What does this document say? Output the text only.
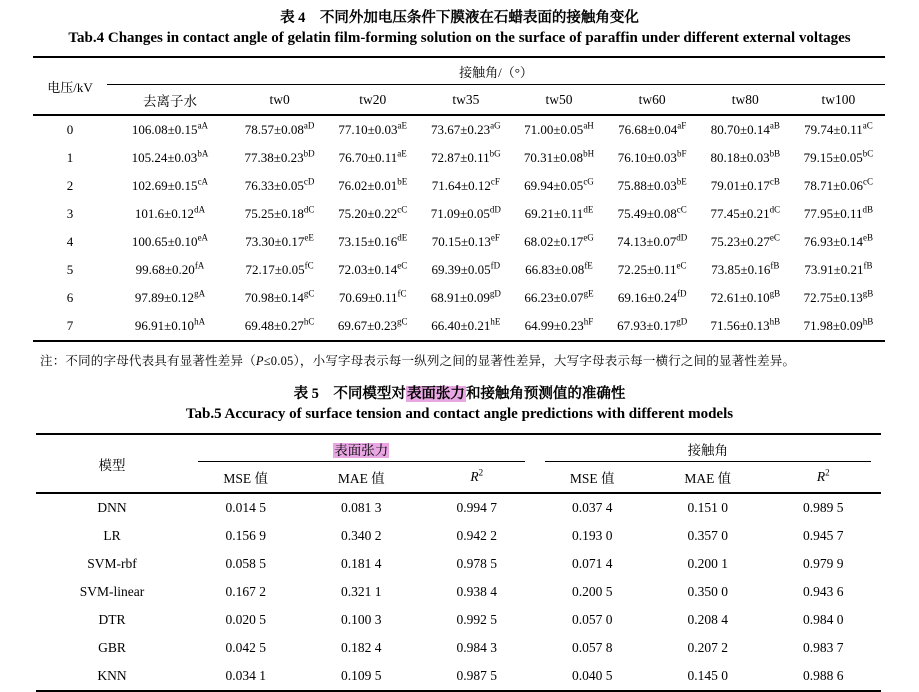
表 4　不同外加电压条件下膜液在石蜡表面的接触角变化
Tab.4 Changes in contact angle of gelatin film-forming solution on the surface of paraffin under different external voltages
电压/kV	接触角/（°）							
	去离子水	tw0	tw20	tw35	tw50	tw60	tw80	tw100
0	$106.08\pm 0.15^{aA}$	$78.57\pm 0.08^{aD}$	$77.10\pm 0.03^{aE}$	$73.67\pm 0.23^{aG}$	$71.00\pm 0.05^{aH}$	$76.68\pm 0.04^{aF}$	$80.70\pm 0.14^{aB}$	$79.74\pm 0.11^{aC}$
1	$105.24\pm 0.03^{bA}$	$77.38\pm 0.23^{bD}$	$76.70\pm 0.11^{aE}$	$72.87\pm 0.11^{bG}$	$70.31\pm 0.08^{bH}$	$76.10\pm 0.03^{bF}$	$80.18\pm 0.03^{bB}$	$79.15\pm 0.05^{bC}$
2	$102.69\pm 0.15^{cA}$	$76.33\pm 0.05^{cD}$	$76.02\pm 0.01^{bE}$	$71.64\pm 0.12^{cF}$	$69.94\pm 0.05^{cG}$	$75.88\pm 0.03^{bE}$	$79.01\pm 0.17^{cB}$	$78.71\pm 0.06^{cC}$
3	$101.6\pm 0.12^{dA}$	$75.25\pm 0.18^{dC}$	$75.20\pm 0.22^{cC}$	$71.09\pm 0.05^{dD}$	69.21±0.11dE	$75.49\pm 0.08^{cC}$	$77.45\pm 0.21^{dC}$	$77.95\pm 0.11^{dB}$
4	$100.65\pm 0.10^{eA}$	$73.30\pm 0.17^{eE}$	73.15±0.16dE	$70.15\pm 0.13^{eF}$	$68.02\pm 0.17^{eG}$	$74.13\pm 0.07^{dD}$	$75.23\pm 0.27^{eC}$	$76.93\pm 0.14^{eB}$
5	$99.68\pm 0.20^{fA}$	$72.17\pm 0.05^{fC}$	$72.03\pm 0.14^{eC}$	$69.39\pm 0.05^{fD}$	$66.83\pm 0.08^{fE}$	$72.25\pm 0.11^{eC}$	$73.85\pm 0.16^{fB}$	$73.91\pm 0.21^{fB}$
6	$97.89\pm 0.12^{gA}$	$70.98\pm 0.14^{gC}$	$70.69\pm 0.11^{fC}$	$68.91\pm 0.09^{gD}$	$66.23\pm 0.07^{gE}$	$69.16\pm 0.24^{fD}$	$72.61\pm 0.10^{gB}$	$72.75\pm 0.13^{gB}$
7	$96.91\pm 0.10^{hA}$	$69.48\pm 0.27^{hC}$	$69.67\pm 0.23^{gC}$	$66.40\pm 0.21^{hE}$	$64.99\pm 0.23^{hF}$	$67.93\pm 0.17^{gD}$	$71.56\pm 0.13^{hB}$	$71.98\pm 0.09^{hB}$
注：不同的字母代表具有显著性差异（P≤0.05），小写字母表示每一纵列之间的显著性差异，大写字母表示每一横行之间的显著性差异。
表 5　不同模型对表面张力和接触角预测值的准确性
Tab.5 Accuracy of surface tension and contact angle predictions with different models
模型	表面张力			接触角		
	MSE 值	MAE 值	$R^2$	MSE 值	MAE 值	$R^2$
DNN	0.014 5	0.081 3	0.994 7	0.037 4	0.151 0	0.989 5
LR	0.156 9	0.340 2	0.942 2	0.193 0	0.357 0	0.945 7
SVM-rbf	0.058 5	0.181 4	0.978 5	0.071 4	0.200 1	0.979 9
SVM-linear	0.167 2	0.321 1	0.938 4	0.200 5	0.350 0	0.943 6
DTR	0.020 5	0.100 3	0.992 5	0.057 0	0.208 4	0.984 0
GBR	0.042 5	0.182 4	0.984 3	0.057 8	0.207 2	0.983 7
KNN	0.034 1	0.109 5	0.987 5	0.040 5	0.145 0	0.988 6
